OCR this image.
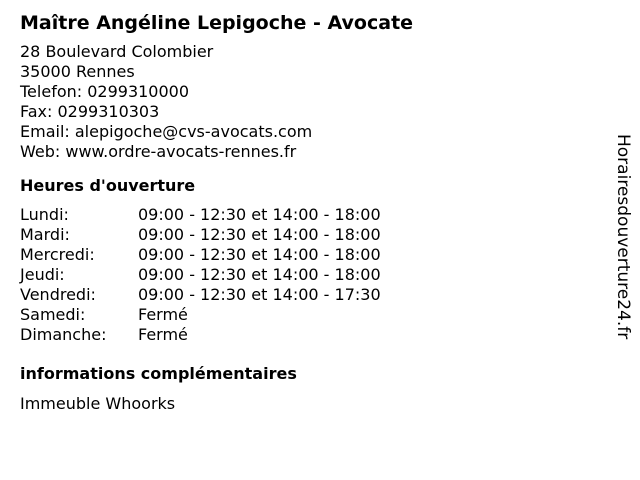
Maître Angéline Lepigoche - Avocate
28 Boulevard Colombier
35000 Rennes
Telefon: 0299310000
Fax: 0299310303
Email: alepigoche@cvs-avocats.com
Web: www.ordre-avocats-rennes.fr
Heures d'ouverture
Lundi:	09:00 - 12:30 et 14:00 - 18:00
Mardi:	09:00 - 12:30 et 14:00 - 18:00
Mercredi:	09:00 - 12:30 et 14:00 - 18:00
Jeudi:	09:00 - 12:30 et 14:00 - 18:00
Vendredi:	09:00 - 12:30 et 14:00 - 17:30
Samedi:	Fermé
Dimanche:	Fermé
informations complémentaires
Immeuble Whoorks
Horairesdouverture24.fr
